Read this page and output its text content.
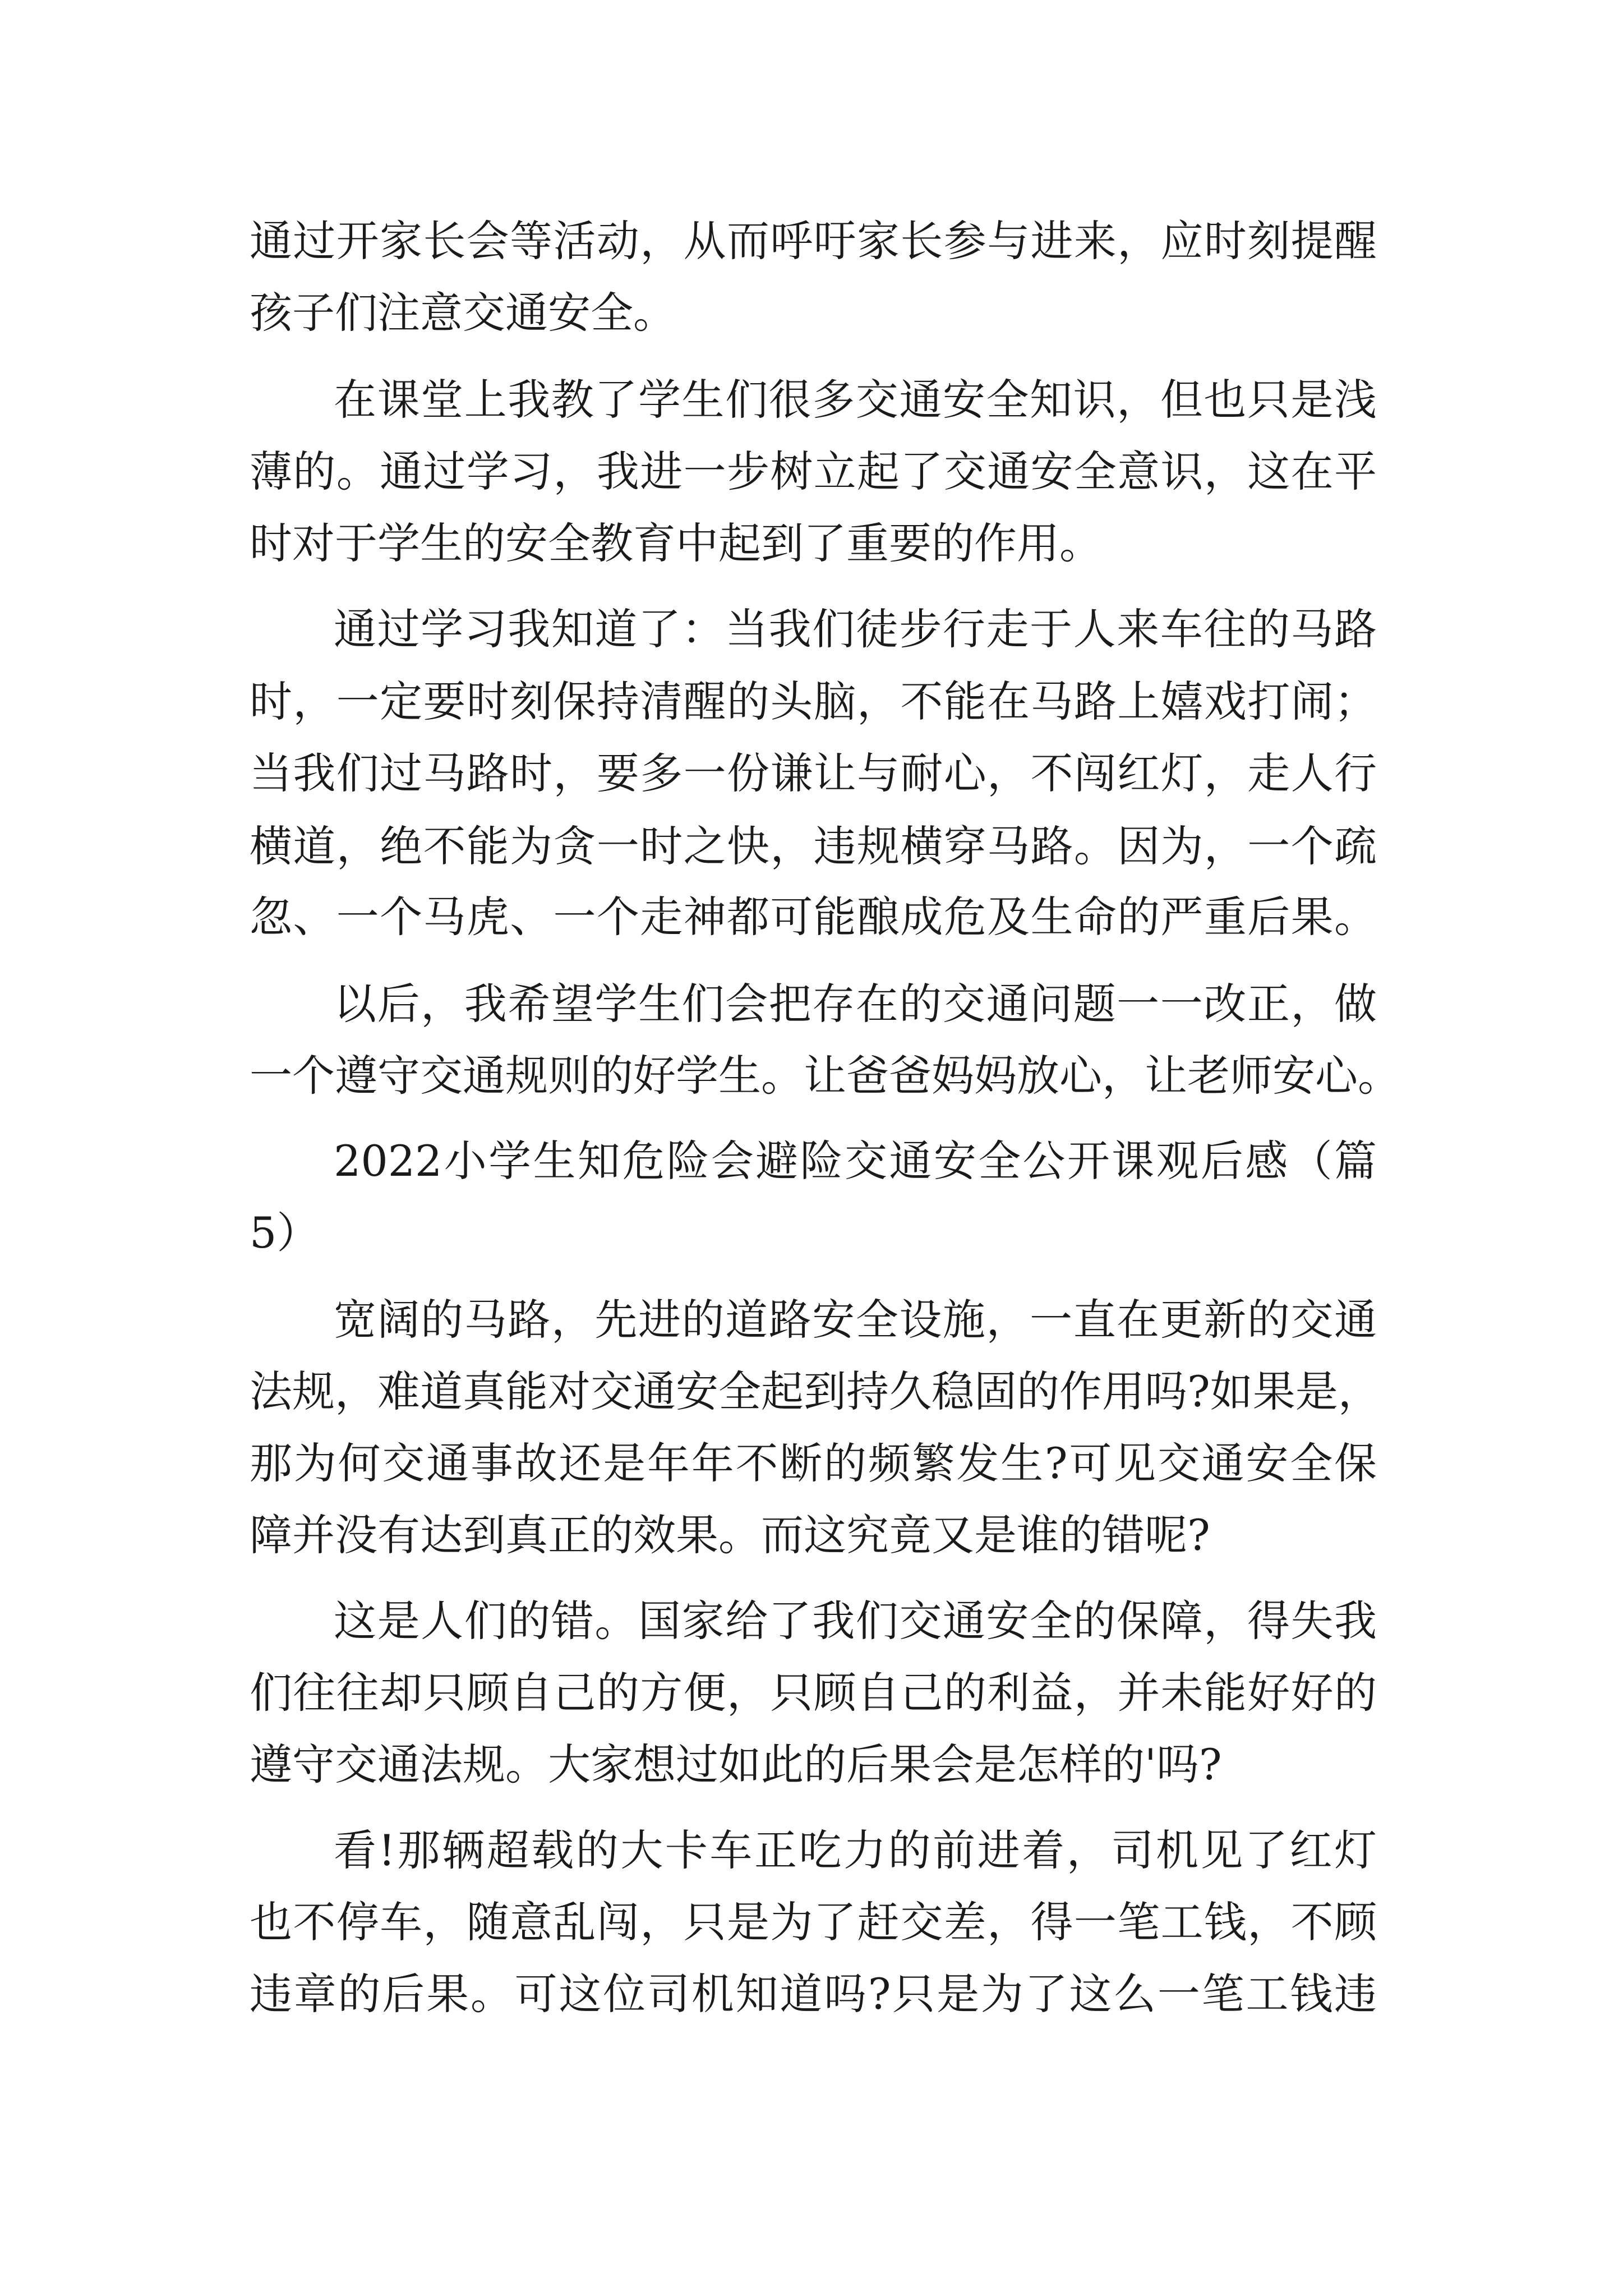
通过开家长会等活动，从而呼吁家长参与进来，应时刻提醒

孩子们注意交通安全。

在课堂上我教了学生们很多交通安全知识，但也只是浅

薄的。通过学习，我进一步树立起了交通安全意识，这在平

时对于学生的安全教育中起到了重要的作用。

通过学习我知道了：当我们徒步行走于人来车往的马路

时，一定要时刻保持清醒的头脑，不能在马路上嬉戏打闹；

当我们过马路时，要多一份谦让与耐心，不闯红灯，走人行

横道，绝不能为贪一时之快，违规横穿马路。因为，一个疏

忽、一个马虎、一个走神都可能酿成危及生命的严重后果。

以后，我希望学生们会把存在的交通问题一一改正，做

一个遵守交通规则的好学生。让爸爸妈妈放心，让老师安心。

2022小学生知危险会避险交通安全公开课观后感（篇

5）

宽阔的马路，先进的道路安全设施，一直在更新的交通

法规，难道真能对交通安全起到持久稳固的作用吗?如果是，

那为何交通事故还是年年不断的频繁发生?可见交通安全保

障并没有达到真正的效果。而这究竟又是谁的错呢?

这是人们的错。国家给了我们交通安全的保障，得失我

们往往却只顾自己的方便，只顾自己的利益，并未能好好的

遵守交通法规。大家想过如此的后果会是怎样的'吗?

看!那辆超载的大卡车正吃力的前进着，司机见了红灯

也不停车，随意乱闯，只是为了赶交差，得一笔工钱，不顾

违章的后果。可这位司机知道吗?只是为了这么一笔工钱违
